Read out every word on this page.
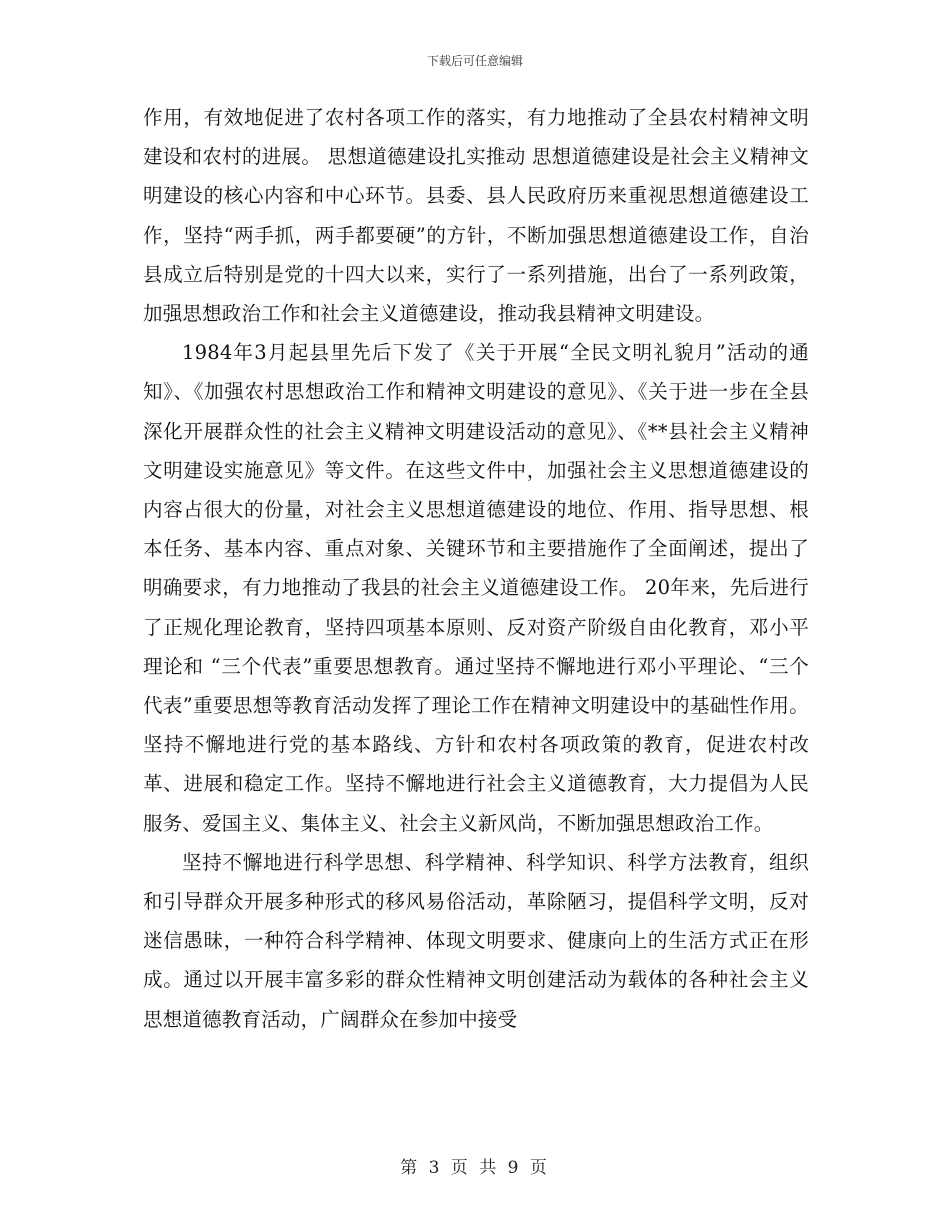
下载后可任意编辑

作用，有效地促进了农村各项工作的落实，有力地推动了全县农村精神文明建设和农村的进展。 思想道德建设扎实推动 思想道德建设是社会主义精神文明建设的核心内容和中心环节。县委、县人民政府历来重视思想道德建设工作，坚持“两手抓，两手都要硬”的方针，不断加强思想道德建设工作，自治县成立后特别是党的十四大以来，实行了一系列措施，出台了一系列政策，加强思想政治工作和社会主义道德建设，推动我县精神文明建设。

1984年3月起县里先后下发了《关于开展“全民文明礼貌月”活动的通知》、《加强农村思想政治工作和精神文明建设的意见》、《关于进一步在全县深化开展群众性的社会主义精神文明建设活动的意见》、《**县社会主义精神文明建设实施意见》等文件。在这些文件中，加强社会主义思想道德建设的内容占很大的份量，对社会主义思想道德建设的地位、作用、指导思想、根本任务、基本内容、重点对象、关键环节和主要措施作了全面阐述，提出了明确要求，有力地推动了我县的社会主义道德建设工作。 20年来，先后进行了正规化理论教育，坚持四项基本原则、反对资产阶级自由化教育，邓小平理论和 “三个代表”重要思想教育。通过坚持不懈地进行邓小平理论、“三个代表”重要思想等教育活动发挥了理论工作在精神文明建设中的基础性作用。坚持不懈地进行党的基本路线、方针和农村各项政策的教育，促进农村改革、进展和稳定工作。坚持不懈地进行社会主义道德教育，大力提倡为人民服务、爱国主义、集体主义、社会主义新风尚，不断加强思想政治工作。

坚持不懈地进行科学思想、科学精神、科学知识、科学方法教育，组织和引导群众开展多种形式的移风易俗活动，革除陋习，提倡科学文明，反对迷信愚昧，一种符合科学精神、体现文明要求、健康向上的生活方式正在形成。通过以开展丰富多彩的群众性精神文明创建活动为载体的各种社会主义思想道德教育活动，广阔群众在参加中接受

第 3 页 共 9 页
